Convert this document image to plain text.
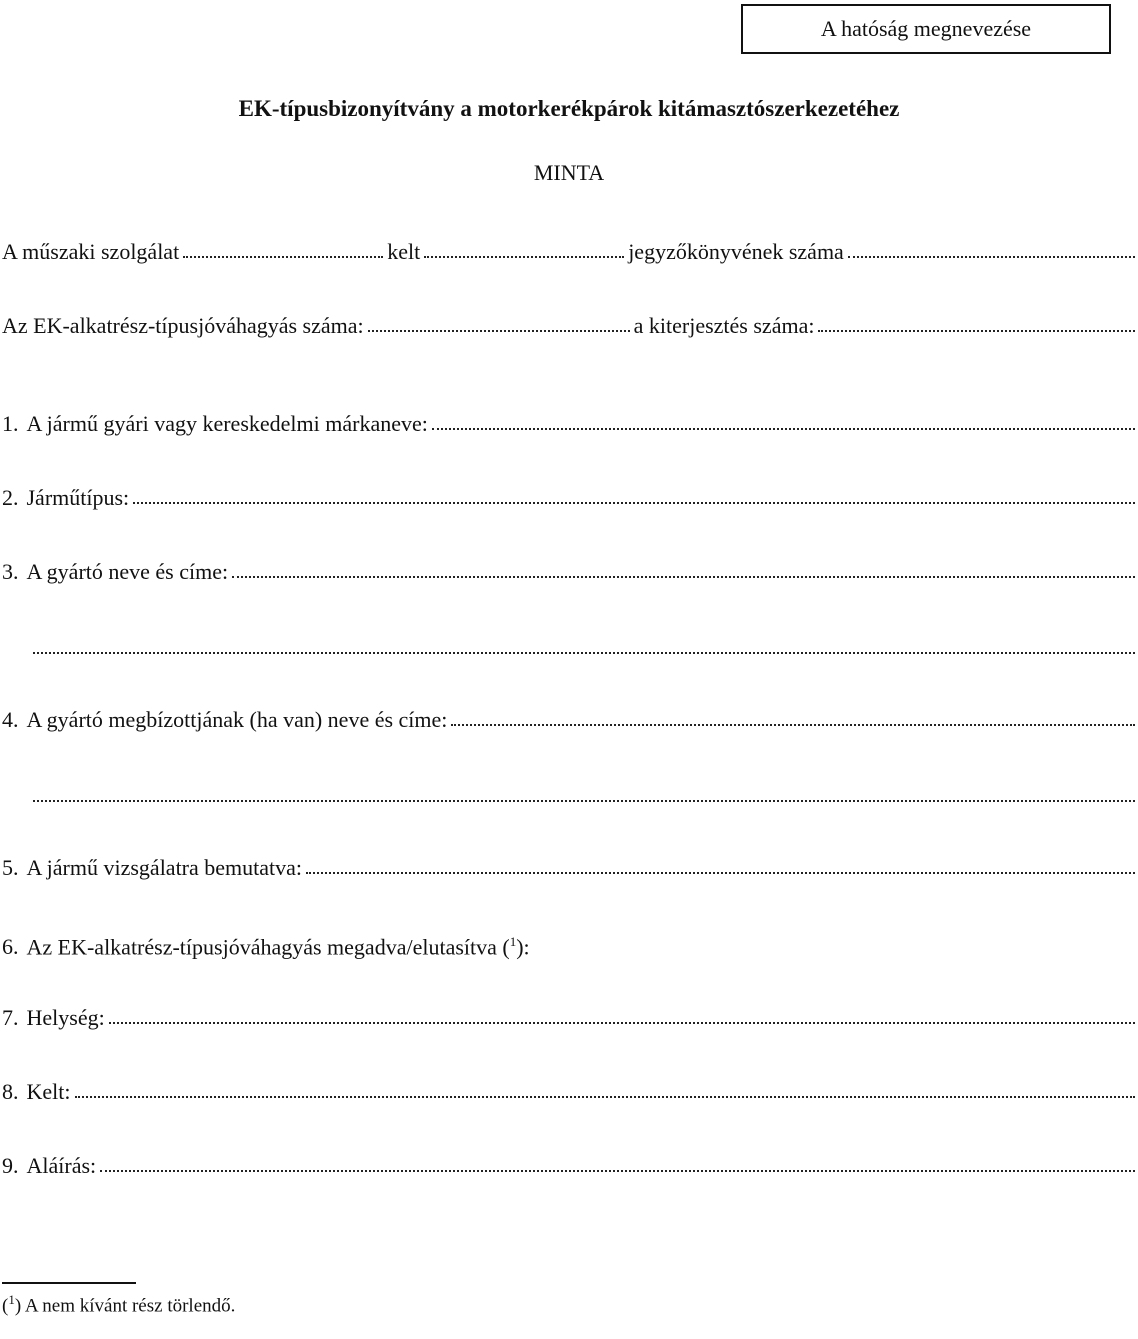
A hatóság megnevezése
EK-típusbizonyítvány a motorkerékpárok kitámasztószerkezetéhez
MINTA
A műszaki szolgálat	kelt	jegyzőkönyvének száma
Az EK-alkatrész-típusjóváhagyás száma:	a kiterjesztés száma:
1. A jármű gyári vagy kereskedelmi márkaneve:
2. Járműtípus:
3. A gyártó neve és címe:
4. A gyártó megbízottjának (ha van) neve és címe:
5. A jármű vizsgálatra bemutatva:
6. Az EK-alkatrész-típusjóváhagyás megadva/elutasítva ($^1$):
7. Helység:
8. Kelt:
9. Aláírás:
($^1$) A nem kívánt rész törlendő.
